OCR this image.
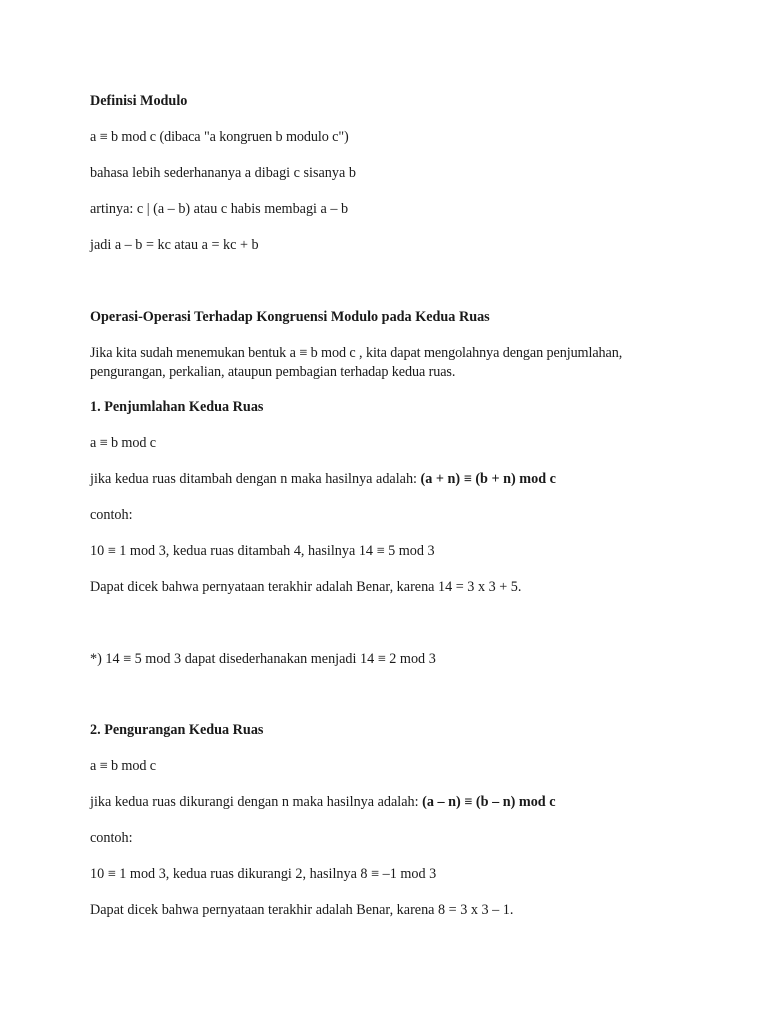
Definisi Modulo
a ≡ b mod c (dibaca "a kongruen b modulo c")
bahasa lebih sederhananya a dibagi c sisanya b
artinya: c | (a – b) atau c habis membagi a – b
jadi a – b = kc atau a = kc + b
Operasi-Operasi Terhadap Kongruensi Modulo pada Kedua Ruas
Jika kita sudah menemukan bentuk a ≡ b mod c , kita dapat mengolahnya dengan penjumlahan, pengurangan, perkalian, ataupun pembagian terhadap kedua ruas.
1. Penjumlahan Kedua Ruas
a ≡ b mod c
jika kedua ruas ditambah dengan n maka hasilnya adalah: (a + n) ≡ (b + n) mod c
contoh:
10 ≡ 1 mod 3, kedua ruas ditambah 4, hasilnya 14 ≡ 5 mod 3
Dapat dicek bahwa pernyataan terakhir adalah Benar, karena 14 = 3 x 3 + 5.
*) 14 ≡ 5 mod 3 dapat disederhanakan menjadi 14 ≡ 2 mod 3
2. Pengurangan Kedua Ruas
a ≡ b mod c
jika kedua ruas dikurangi dengan n maka hasilnya adalah: (a – n) ≡ (b – n) mod c
contoh:
10 ≡ 1 mod 3, kedua ruas dikurangi 2, hasilnya 8 ≡ –1 mod 3
Dapat dicek bahwa pernyataan terakhir adalah Benar, karena 8 = 3 x 3 – 1.
